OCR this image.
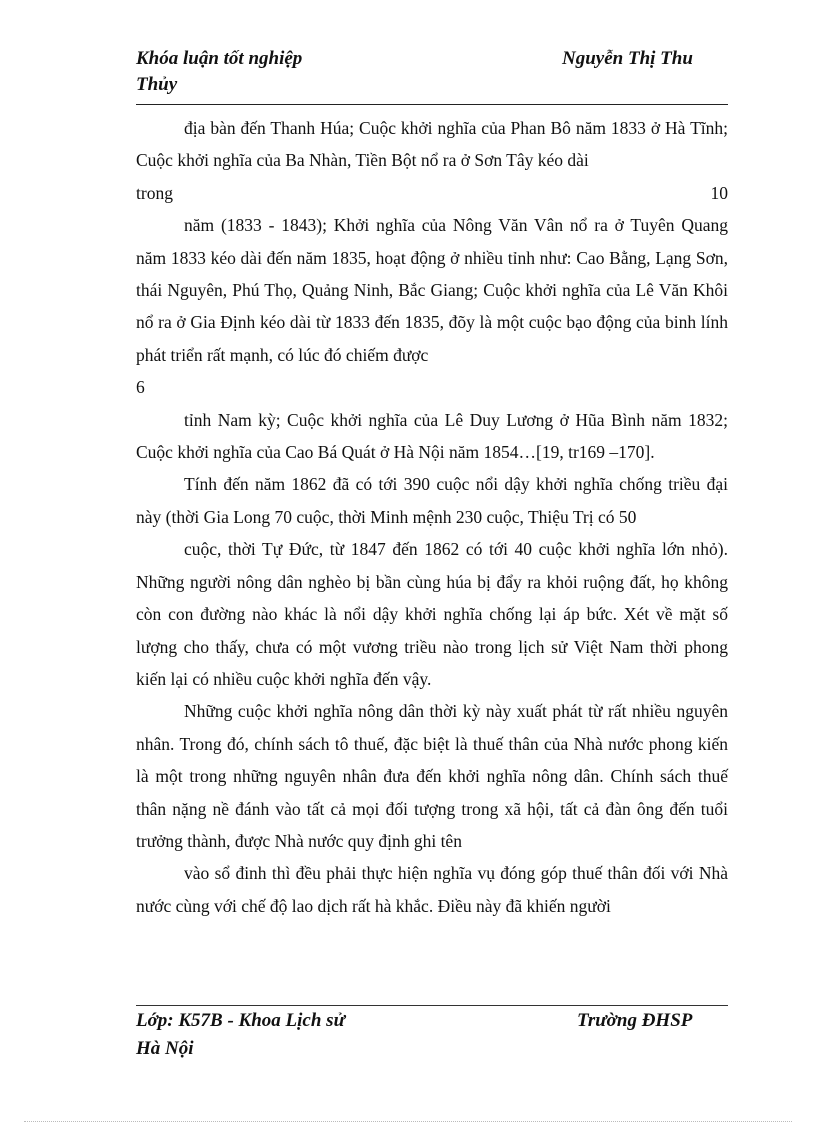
Khóa luận tốt nghiệp	Nguyễn Thị Thu
Thủy

địa bàn đến Thanh Húa; Cuộc khởi nghĩa của Phan Bô năm 1833 ở Hà Tĩnh; Cuộc khởi nghĩa của Ba Nhàn, Tiền Bột nổ ra ở Sơn Tây kéo dài

trong	10

năm (1833 - 1843); Khởi nghĩa của Nông Văn Vân nổ ra ở Tuyên Quang năm 1833 kéo dài đến năm 1835, hoạt động ở nhiều tỉnh như: Cao Bằng, Lạng Sơn, thái Nguyên, Phú Thọ, Quảng Ninh, Bắc Giang; Cuộc khởi nghĩa của Lê Văn Khôi nổ ra ở Gia Định kéo dài từ 1833 đến 1835, đõy là một cuộc bạo động của binh lính phát triển rất mạnh, có lúc đó chiếm được

6

tỉnh Nam kỳ; Cuộc khởi nghĩa của Lê Duy Lương ở Hũa Bình năm 1832; Cuộc khởi nghĩa của Cao Bá Quát ở Hà Nội năm 1854…[19, tr169 –170].

Tính đến năm 1862 đã có tới 390 cuộc nổi dậy khởi nghĩa chống triều đại này (thời Gia Long 70 cuộc, thời Minh mệnh 230 cuộc, Thiệu Trị có 50

cuộc, thời Tự Đức, từ 1847 đến 1862 có tới 40 cuộc khởi nghĩa lớn nhỏ). Những người nông dân nghèo bị bần cùng húa bị đẩy ra khỏi ruộng đất, họ không còn con đường nào khác là nổi dậy khởi nghĩa chống lại áp bức. Xét về mặt số lượng cho thấy, chưa có một vương triều nào trong lịch sử Việt Nam thời phong kiến lại có nhiều cuộc khởi nghĩa đến vậy.

Những cuộc khởi nghĩa nông dân thời kỳ này xuất phát từ rất nhiều nguyên nhân. Trong đó, chính sách tô thuế, đặc biệt là thuế thân của Nhà nước phong kiến là một trong những nguyên nhân đưa đến khởi nghĩa nông dân. Chính sách thuế thân nặng nề đánh vào tất cả mọi đối tượng trong xã hội, tất cả đàn ông đến tuổi trưởng thành, được Nhà nước quy định ghi tên

vào sổ đinh thì đều phải thực hiện nghĩa vụ đóng góp thuế thân đối với Nhà nước cùng với chế độ lao dịch rất hà khắc. Điều này đã khiến người

Lớp: K57B - Khoa Lịch sử	Trường ĐHSP
Hà Nội
